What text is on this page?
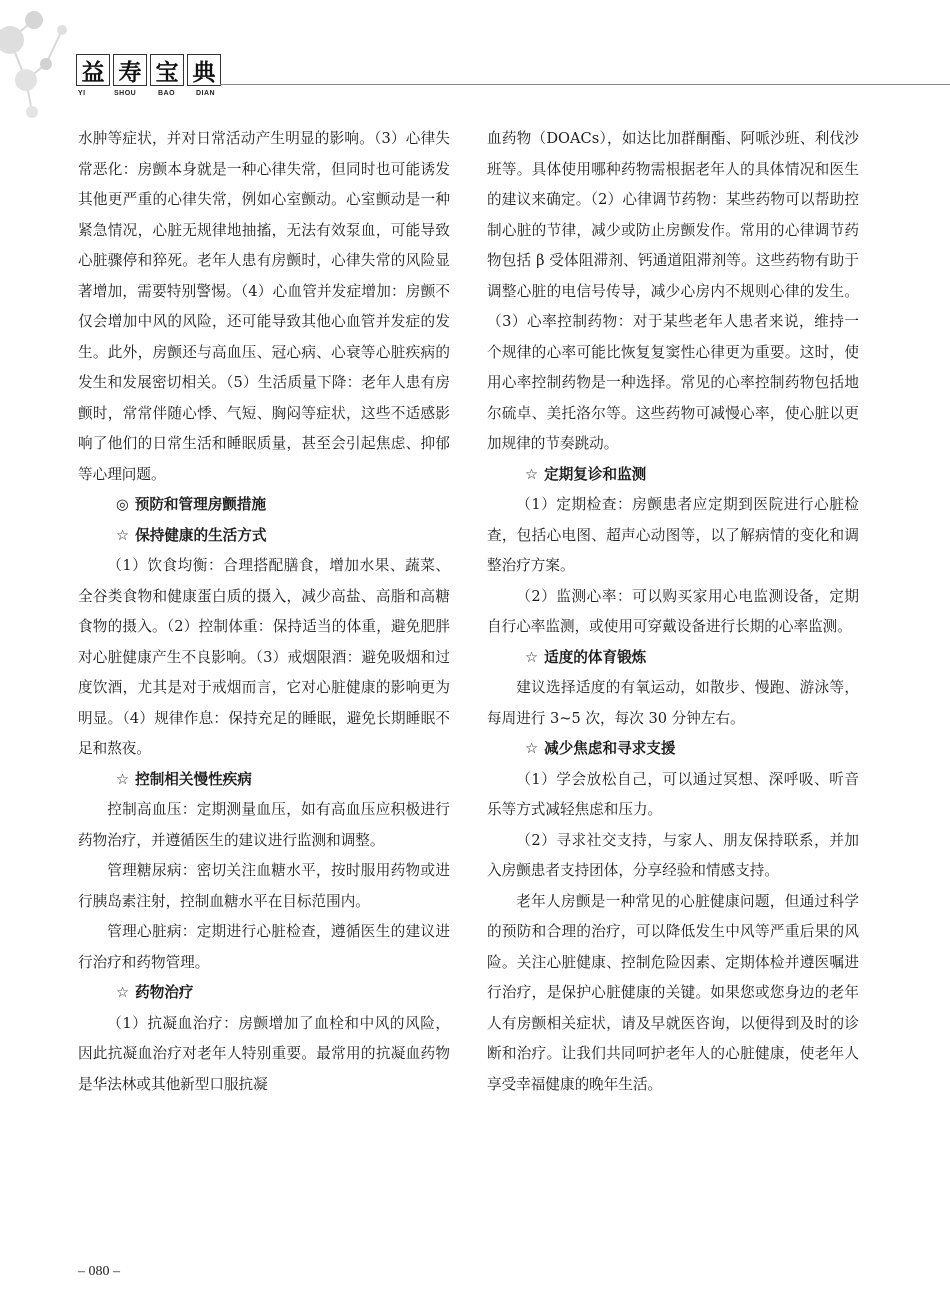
益 寿 宝 典
YI	SHOU	BAO	DIAN

水肿等症状，并对日常活动产生明显的影响。（3）心律失常恶化：房颤本身就是一种心律失常，但同时也可能诱发其他更严重的心律失常，例如心室颤动。心室颤动是一种紧急情况，心脏无规律地抽搐，无法有效泵血，可能导致心脏骤停和猝死。老年人患有房颤时，心律失常的风险显著增加，需要特别警惕。（4）心血管并发症增加：房颤不仅会增加中风的风险，还可能导致其他心血管并发症的发生。此外，房颤还与高血压、冠心病、心衰等心脏疾病的发生和发展密切相关。（5）生活质量下降：老年人患有房颤时，常常伴随心悸、气短、胸闷等症状，这些不适感影响了他们的日常生活和睡眠质量，甚至会引起焦虑、抑郁等心理问题。

◎ 预防和管理房颤措施
☆ 保持健康的生活方式

（1）饮食均衡：合理搭配膳食，增加水果、蔬菜、全谷类食物和健康蛋白质的摄入，减少高盐、高脂和高糖食物的摄入。（2）控制体重：保持适当的体重，避免肥胖对心脏健康产生不良影响。（3）戒烟限酒：避免吸烟和过度饮酒，尤其是对于戒烟而言，它对心脏健康的影响更为明显。（4）规律作息：保持充足的睡眠，避免长期睡眠不足和熬夜。

☆ 控制相关慢性疾病

控制高血压：定期测量血压，如有高血压应积极进行药物治疗，并遵循医生的建议进行监测和调整。

管理糖尿病：密切关注血糖水平，按时服用药物或进行胰岛素注射，控制血糖水平在目标范围内。

管理心脏病：定期进行心脏检查，遵循医生的建议进行治疗和药物管理。

☆ 药物治疗

（1）抗凝血治疗：房颤增加了血栓和中风的风险，因此抗凝血治疗对老年人特别重要。最常用的抗凝血药物是华法林或其他新型口服抗凝

血药物（DOACs），如达比加群酮酯、阿哌沙班、利伐沙班等。具体使用哪种药物需根据老年人的具体情况和医生的建议来确定。（2）心律调节药物：某些药物可以帮助控制心脏的节律，减少或防止房颤发作。常用的心律调节药物包括 β 受体阻滞剂、钙通道阻滞剂等。这些药物有助于调整心脏的电信号传导，减少心房内不规则心律的发生。（3）心率控制药物：对于某些老年人患者来说，维持一个规律的心率可能比恢复复窦性心律更为重要。这时，使用心率控制药物是一种选择。常见的心率控制药物包括地尔硫卓、美托洛尔等。这些药物可减慢心率，使心脏以更加规律的节奏跳动。

☆ 定期复诊和监测

（1）定期检查：房颤患者应定期到医院进行心脏检查，包括心电图、超声心动图等，以了解病情的变化和调整治疗方案。

（2）监测心率：可以购买家用心电监测设备，定期自行心率监测，或使用可穿戴设备进行长期的心率监测。

☆ 适度的体育锻炼

建议选择适度的有氧运动，如散步、慢跑、游泳等，每周进行 3~5 次，每次 30 分钟左右。

☆ 减少焦虑和寻求支援

（1）学会放松自己，可以通过冥想、深呼吸、听音乐等方式减轻焦虑和压力。

（2）寻求社交支持，与家人、朋友保持联系，并加入房颤患者支持团体，分享经验和情感支持。

老年人房颤是一种常见的心脏健康问题，但通过科学的预防和合理的治疗，可以降低发生中风等严重后果的风险。关注心脏健康、控制危险因素、定期体检并遵医嘱进行治疗，是保护心脏健康的关键。如果您或您身边的老年人有房颤相关症状，请及早就医咨询，以便得到及时的诊断和治疗。让我们共同呵护老年人的心脏健康，使老年人享受幸福健康的晚年生活。

– 080 –
